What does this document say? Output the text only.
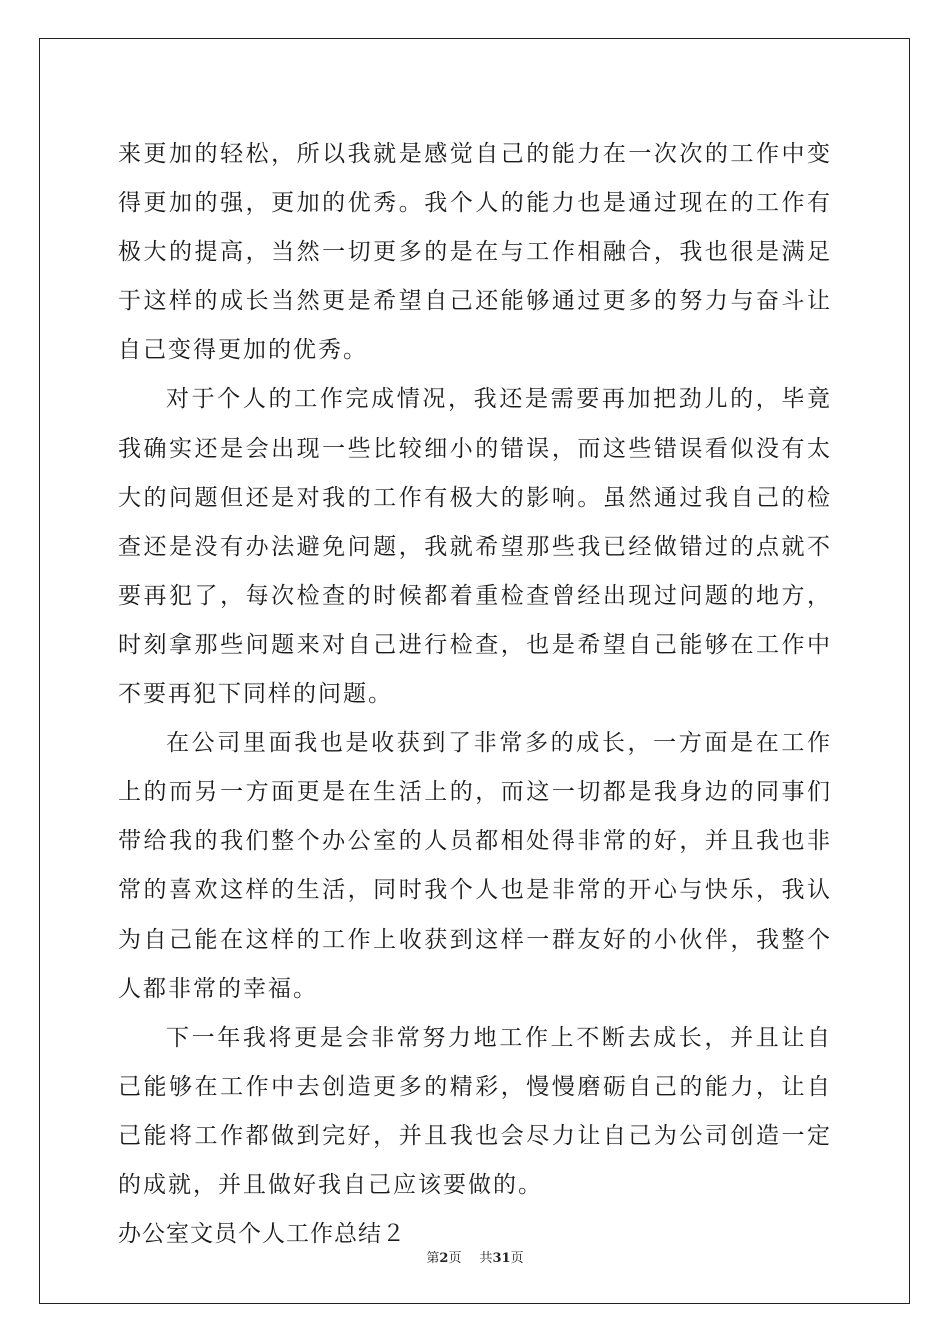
来更加的轻松，所以我就是感觉自己的能力在一次次的工作中变得更加的强，更加的优秀。我个人的能力也是通过现在的工作有极大的提高，当然一切更多的是在与工作相融合，我也很是满足于这样的成长当然更是希望自己还能够通过更多的努力与奋斗让自己变得更加的优秀。

对于个人的工作完成情况，我还是需要再加把劲儿的，毕竟我确实还是会出现一些比较细小的错误，而这些错误看似没有太大的问题但还是对我的工作有极大的影响。虽然通过我自己的检查还是没有办法避免问题，我就希望那些我已经做错过的点就不要再犯了，每次检查的时候都着重检查曾经出现过问题的地方，时刻拿那些问题来对自己进行检查，也是希望自己能够在工作中不要再犯下同样的问题。

在公司里面我也是收获到了非常多的成长，一方面是在工作上的而另一方面更是在生活上的，而这一切都是我身边的同事们带给我的我们整个办公室的人员都相处得非常的好，并且我也非常的喜欢这样的生活，同时我个人也是非常的开心与快乐，我认为自己能在这样的工作上收获到这样一群友好的小伙伴，我整个人都非常的幸福。

下一年我将更是会非常努力地工作上不断去成长，并且让自己能够在工作中去创造更多的精彩，慢慢磨砺自己的能力，让自己能将工作都做到完好，并且我也会尽力让自己为公司创造一定的成就，并且做好我自己应该要做的。

办公室文员个人工作总结２
第2页 共31页
